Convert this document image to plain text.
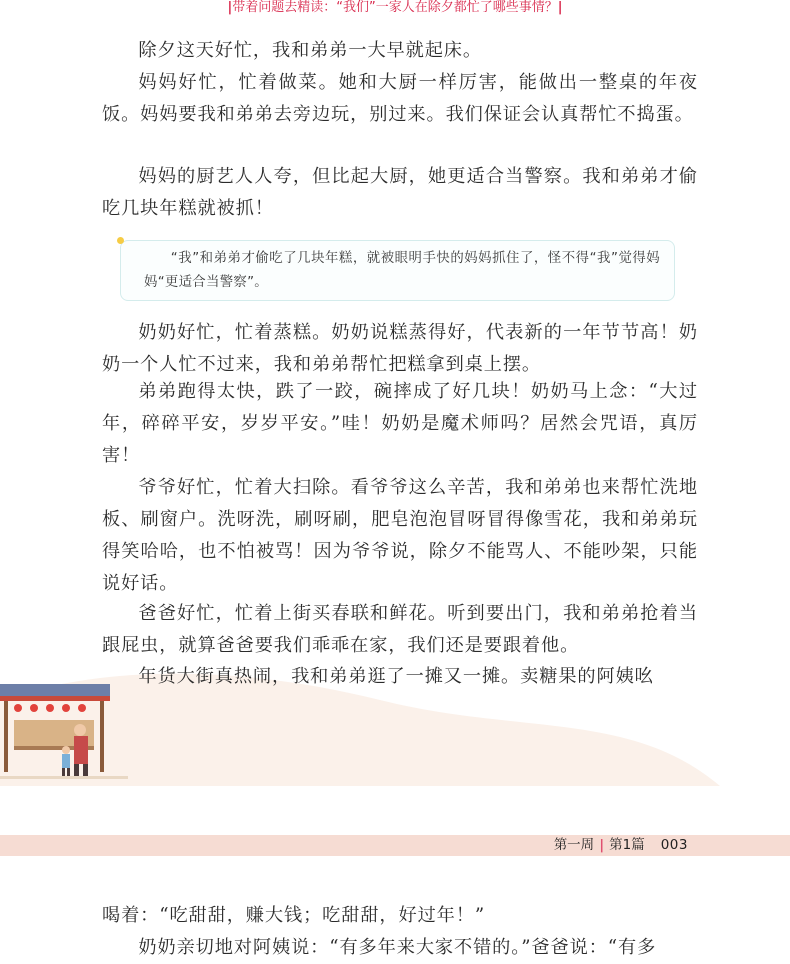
|带着问题去精读：“我们”一家人在除夕都忙了哪些事情？|

除夕这天好忙，我和弟弟一大早就起床。

妈妈好忙，忙着做菜。她和大厨一样厉害，能做出一整桌的年夜饭。妈妈要我和弟弟去旁边玩，别过来。我们保证会认真帮忙不捣蛋。

妈妈的厨艺人人夸，但比起大厨，她更适合当警察。我和弟弟才偷吃几块年糕就被抓！

“我”和弟弟才偷吃了几块年糕，就被眼明手快的妈妈抓住了，怪不得“我”觉得妈妈“更适合当警察”。

奶奶好忙，忙着蒸糕。奶奶说糕蒸得好，代表新的一年节节高！奶奶一个人忙不过来，我和弟弟帮忙把糕拿到桌上摆。

弟弟跑得太快，跌了一跤，碗摔成了好几块！奶奶马上念：“大过年，碎碎平安，岁岁平安。”哇！奶奶是魔术师吗？居然会咒语，真厉害！

爷爷好忙，忙着大扫除。看爷爷这么辛苦，我和弟弟也来帮忙洗地板、刷窗户。洗呀洗，刷呀刷，肥皂泡泡冒呀冒得像雪花，我和弟弟玩得笑哈哈，也不怕被骂！因为爷爷说，除夕不能骂人、不能吵架，只能说好话。

爸爸好忙，忙着上街买春联和鲜花。听到要出门，我和弟弟抢着当跟屁虫，就算爸爸要我们乖乖在家，我们还是要跟着他。

年货大街真热闹，我和弟弟逛了一摊又一摊。卖糖果的阿姨吆

第一周 | 第1篇 003

喝着：“吃甜甜，赚大钱；吃甜甜，好过年！”

奶奶亲切地对阿姨说：“有多年来大家不错的。”爸爸说：“有多
